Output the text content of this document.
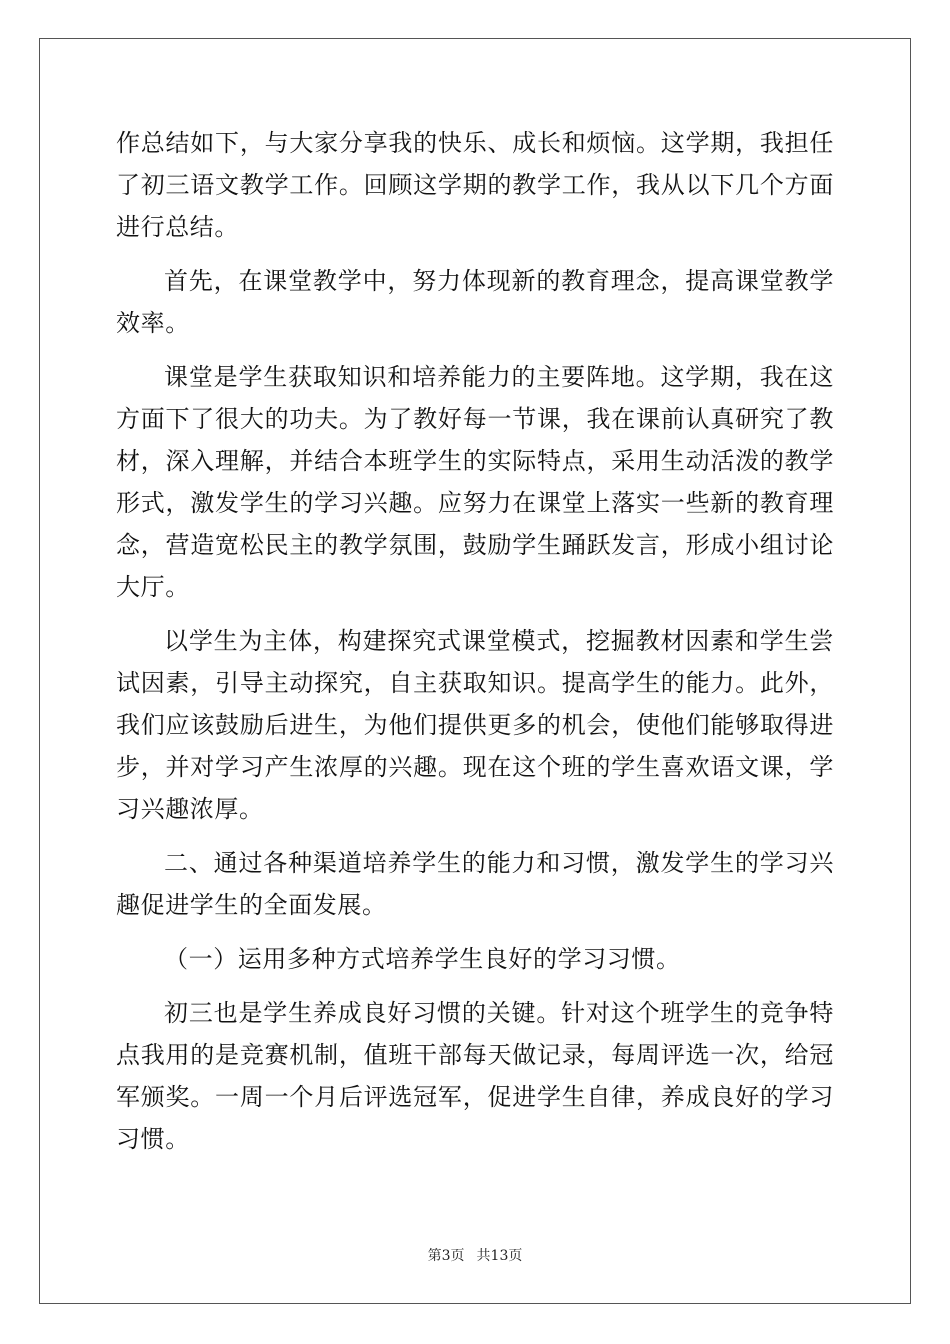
作总结如下，与大家分享我的快乐、成长和烦恼。这学期，我担任了初三语文教学工作。回顾这学期的教学工作，我从以下几个方面进行总结。

首先，在课堂教学中，努力体现新的教育理念，提高课堂教学效率。

课堂是学生获取知识和培养能力的主要阵地。这学期，我在这方面下了很大的功夫。为了教好每一节课，我在课前认真研究了教材，深入理解，并结合本班学生的实际特点，采用生动活泼的教学形式，激发学生的学习兴趣。应努力在课堂上落实一些新的教育理念，营造宽松民主的教学氛围，鼓励学生踊跃发言，形成小组讨论大厅。

以学生为主体，构建探究式课堂模式，挖掘教材因素和学生尝试因素，引导主动探究，自主获取知识。提高学生的能力。此外，我们应该鼓励后进生，为他们提供更多的机会，使他们能够取得进步，并对学习产生浓厚的兴趣。现在这个班的学生喜欢语文课，学习兴趣浓厚。

二、通过各种渠道培养学生的能力和习惯，激发学生的学习兴趣促进学生的全面发展。

（一）运用多种方式培养学生良好的学习习惯。

初三也是学生养成良好习惯的关键。针对这个班学生的竞争特点我用的是竞赛机制，值班干部每天做记录，每周评选一次，给冠军颁奖。一周一个月后评选冠军，促进学生自律，养成良好的学习习惯。

第3页 共13页
